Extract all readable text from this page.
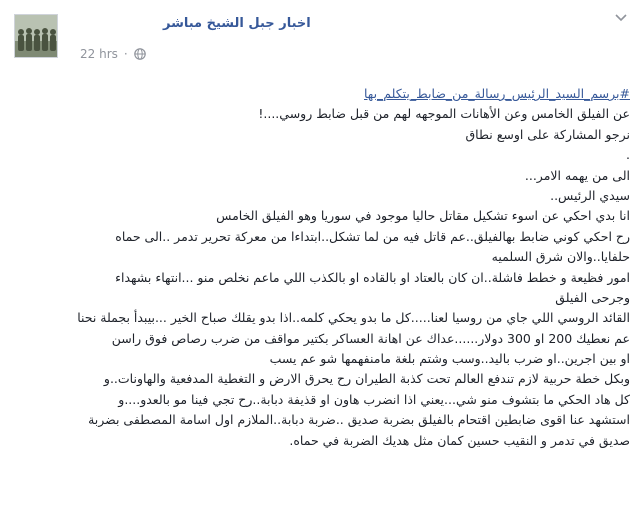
اخبار جبل الشيخ مباشر
22 hrs ·
#برسم_السيد_الرئيس_رسالة_من_ضابط_يتكلم_بها
عن الفيلق الخامس وعن الأهانات الموجهه لهم من قبل ضابط روسي....!
نرجو المشاركة على اوسع نطاق
.
الى من يهمه الامر...
سيدي الرئيس..
انا بدي احكي عن اسوء تشكيل مقاتل حاليا موجود في سوريا وهو الفيلق الخامس
رح احكي كوني ضابط بهالفيلق..عم قاتل فيه من لما تشكل..ابتداءا من معركة تحرير تدمر ..الى حماه
حلفايا..والان شرق السلميه
امور فظيعة و خطط فاشلة..ان كان بالعتاد او بالقاده او بالكذب اللي ماعم نخلص منو ...انتهاء بشهداء
وجرحى الفيلق
القائد الروسي اللي جاي من روسيا لعنا.....كل ما بدو يحكي كلمه..اذا بدو يقلك صباح الخير ...بيبدأ بجملة نحنا
عم نعطيك 200 او 300 دولار......عداك عن اهانة العساكر بكتير مواقف من ضرب رصاص فوق راسن
او بين اجرين..او ضرب باليد..وسب وشتم بلغة مامنفهمها شو عم يسب
وبكل خطة حربية لازم تندفع العالم تحت كذبة الطيران رح يحرق الارض و التغطية المدفعية والهاونات..و
كل هاد الحكي ما بتشوف منو شي...يعني اذا انضرب هاون او قذيفة دبابة..رح تجي فينا مو بالعدو....و
استشهد عنا اقوى ضابطين اقتحام بالفيلق بضربة صديق ..ضربة دبابة..الملازم اول اسامة المصطفى بضربة
صديق في تدمر و النقيب حسين كمان مثل هديك الضربة في حماه.
